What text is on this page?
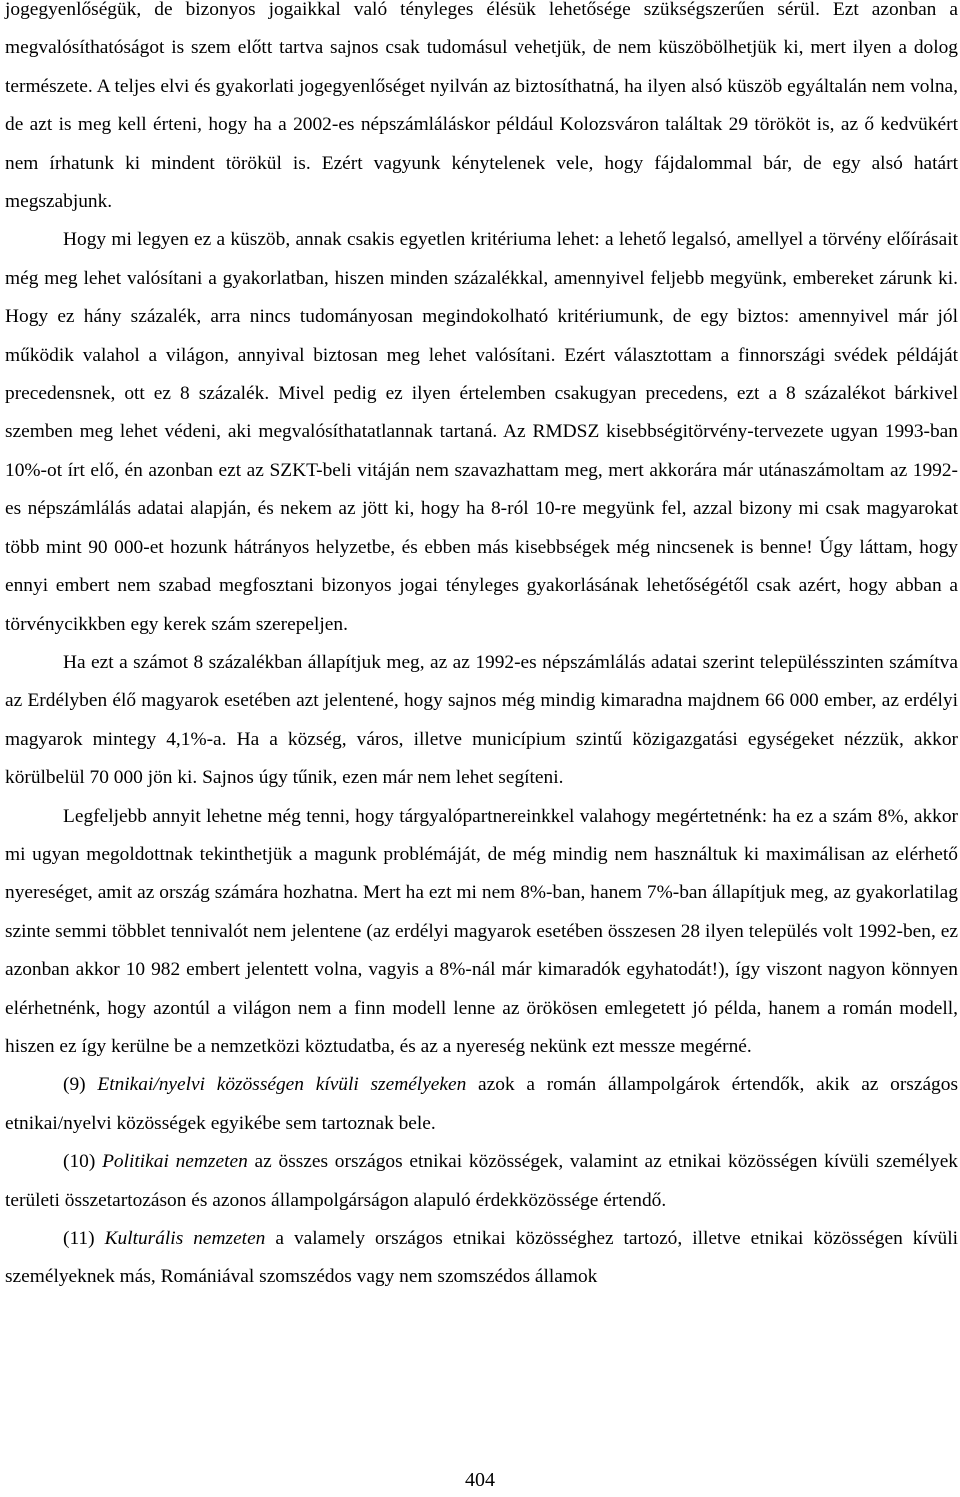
jogegyenlőségük, de bizonyos jogaikkal való tényleges élésük lehetősége szükségszerűen sérül. Ezt azonban a megvalósíthatóságot is szem előtt tartva sajnos csak tudomásul vehetjük, de nem küszöbölhetjük ki, mert ilyen a dolog természete. A teljes elvi és gyakorlati jogegyenlőséget nyilván az biztosíthatná, ha ilyen alsó küszöb egyáltalán nem volna, de azt is meg kell érteni, hogy ha a 2002-es népszámláláskor például Kolozsváron találtak 29 törököt is, az ő kedvükért nem írhatunk ki mindent törökül is. Ezért vagyunk kénytelenek vele, hogy fájdalommal bár, de egy alsó határt megszabjunk.

Hogy mi legyen ez a küszöb, annak csakis egyetlen kritériuma lehet: a lehető legalsó, amellyel a törvény előírásait még meg lehet valósítani a gyakorlatban, hiszen minden százalékkal, amennyivel feljebb megyünk, embereket zárunk ki. Hogy ez hány százalék, arra nincs tudományosan megindokolható kritériumunk, de egy biztos: amennyivel már jól működik valahol a világon, annyival biztosan meg lehet valósítani. Ezért választottam a finnországi svédek példáját precedensnek, ott ez 8 százalék. Mivel pedig ez ilyen értelemben csakugyan precedens, ezt a 8 százalékot bárkivel szemben meg lehet védeni, aki megvalósíthatatlannak tartaná. Az RMDSZ kisebbségitörvény-tervezete ugyan 1993-ban 10%-ot írt elő, én azonban ezt az SZKT-beli vitáján nem szavazhattam meg, mert akkorára már utánaszámoltam az 1992-es népszámlálás adatai alapján, és nekem az jött ki, hogy ha 8-ról 10-re megyünk fel, azzal bizony mi csak magyarokat több mint 90 000-et hozunk hátrányos helyzetbe, és ebben más kisebbségek még nincsenek is benne! Úgy láttam, hogy ennyi embert nem szabad megfosztani bizonyos jogai tényleges gyakorlásának lehetőségétől csak azért, hogy abban a törvénycikkben egy kerek szám szerepeljen.

Ha ezt a számot 8 százalékban állapítjuk meg, az az 1992-es népszámlálás adatai szerint településszinten számítva az Erdélyben élő magyarok esetében azt jelentené, hogy sajnos még mindig kimaradna majdnem 66 000 ember, az erdélyi magyarok mintegy 4,1%-a. Ha a község, város, illetve municípium szintű közigazgatási egységeket nézzük, akkor körülbelül 70 000 jön ki. Sajnos úgy tűnik, ezen már nem lehet segíteni.

Legfeljebb annyit lehetne még tenni, hogy tárgyalópartnereinkkel valahogy megértetnénk: ha ez a szám 8%, akkor mi ugyan megoldottnak tekinthetjük a magunk problémáját, de még mindig nem használtuk ki maximálisan az elérhető nyereséget, amit az ország számára hozhatna. Mert ha ezt mi nem 8%-ban, hanem 7%-ban állapítjuk meg, az gyakorlatilag szinte semmi többlet tennivalót nem jelentene (az erdélyi magyarok esetében összesen 28 ilyen település volt 1992-ben, ez azonban akkor 10 982 embert jelentett volna, vagyis a 8%-nál már kimaradók egyhatodát!), így viszont nagyon könnyen elérhetnénk, hogy azontúl a világon nem a finn modell lenne az örökösen emlegetett jó példa, hanem a román modell, hiszen ez így kerülne be a nemzetközi köztudatba, és az a nyereség nekünk ezt messze megérné.

(9) Etnikai/nyelvi közösségen kívüli személyeken azok a román állampolgárok értendők, akik az országos etnikai/nyelvi közösségek egyikébe sem tartoznak bele.

(10) Politikai nemzeten az összes országos etnikai közösségek, valamint az etnikai közösségen kívüli személyek területi összetartozáson és azonos állampolgárságon alapuló érdekközössége értendő.

(11) Kulturális nemzeten a valamely országos etnikai közösséghez tartozó, illetve etnikai közösségen kívüli személyeknek más, Romániával szomszédos vagy nem szomszédos államok

404
